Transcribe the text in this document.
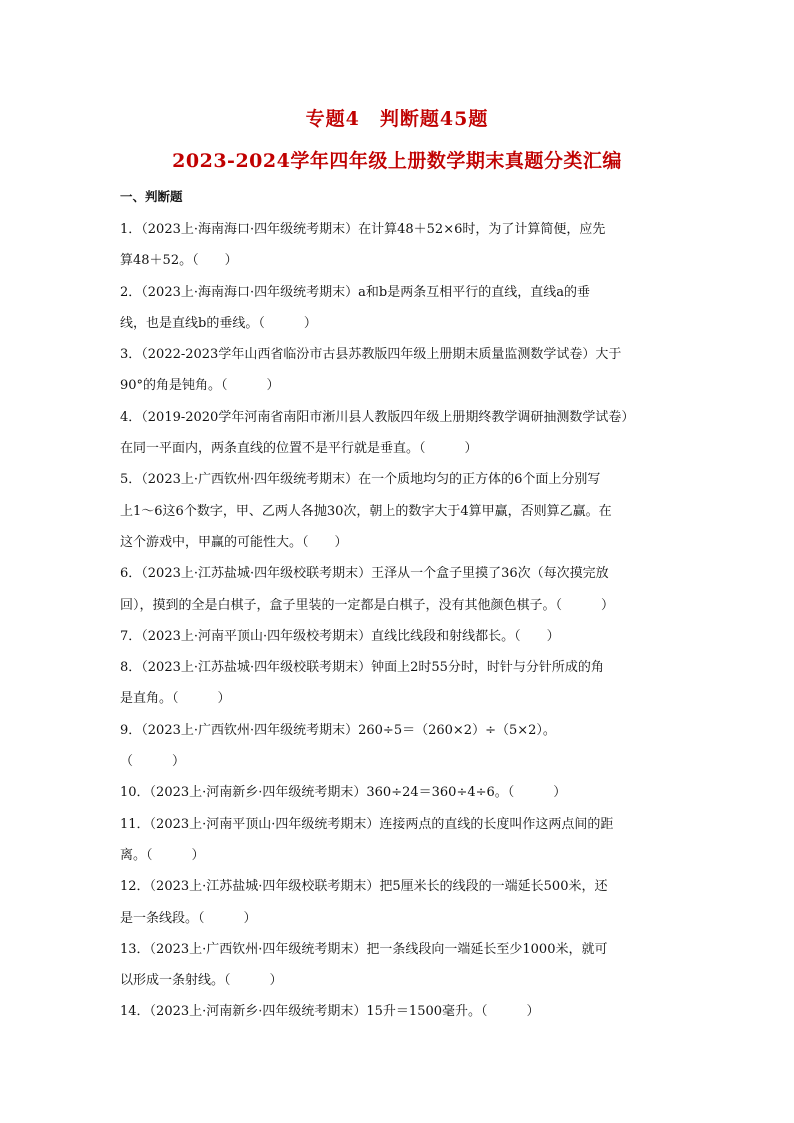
专题4　判断题45题
2023-2024学年四年级上册数学期末真题分类汇编
一、判断题
1．（2023上·海南海口·四年级统考期末）在计算48＋52×6时，为了计算简便，应先
算48＋52。（　　）
2．（2023上·海南海口·四年级统考期末）a和b是两条互相平行的直线，直线a的垂
线，也是直线b的垂线。（　　　）
3．（2022-2023学年山西省临汾市古县苏教版四年级上册期末质量监测数学试卷）大于
90°的角是钝角。（　　　）
4．（2019-2020学年河南省南阳市淅川县人教版四年级上册期终教学调研抽测数学试卷）
在同一平面内，两条直线的位置不是平行就是垂直。（　　　）
5．（2023上·广西钦州·四年级统考期末）在一个质地均匀的正方体的6个面上分别写
上1～6这6个数字，甲、乙两人各抛30次，朝上的数字大于4算甲赢，否则算乙赢。在
这个游戏中，甲赢的可能性大。（　　）
6．（2023上·江苏盐城·四年级校联考期末）王泽从一个盒子里摸了36次（每次摸完放
回），摸到的全是白棋子，盒子里装的一定都是白棋子，没有其他颜色棋子。（　　　）
7．（2023上·河南平顶山·四年级校考期末）直线比线段和射线都长。（　　）
8．（2023上·江苏盐城·四年级校联考期末）钟面上2时55分时，时针与分针所成的角
是直角。（　　　）
9．（2023上·广西钦州·四年级统考期末）260÷5＝（260×2）÷（5×2）。
（　　　）
10．（2023上·河南新乡·四年级统考期末）360÷24＝360÷4÷6。（　　　）
11．（2023上·河南平顶山·四年级统考期末）连接两点的直线的长度叫作这两点间的距
离。（　　　）
12．（2023上·江苏盐城·四年级校联考期末）把5厘米长的线段的一端延长500米，还
是一条线段。（　　　）
13．（2023上·广西钦州·四年级统考期末）把一条线段向一端延长至少1000米，就可
以形成一条射线。（　　　）
14．（2023上·河南新乡·四年级统考期末）15升＝1500毫升。（　　　）
